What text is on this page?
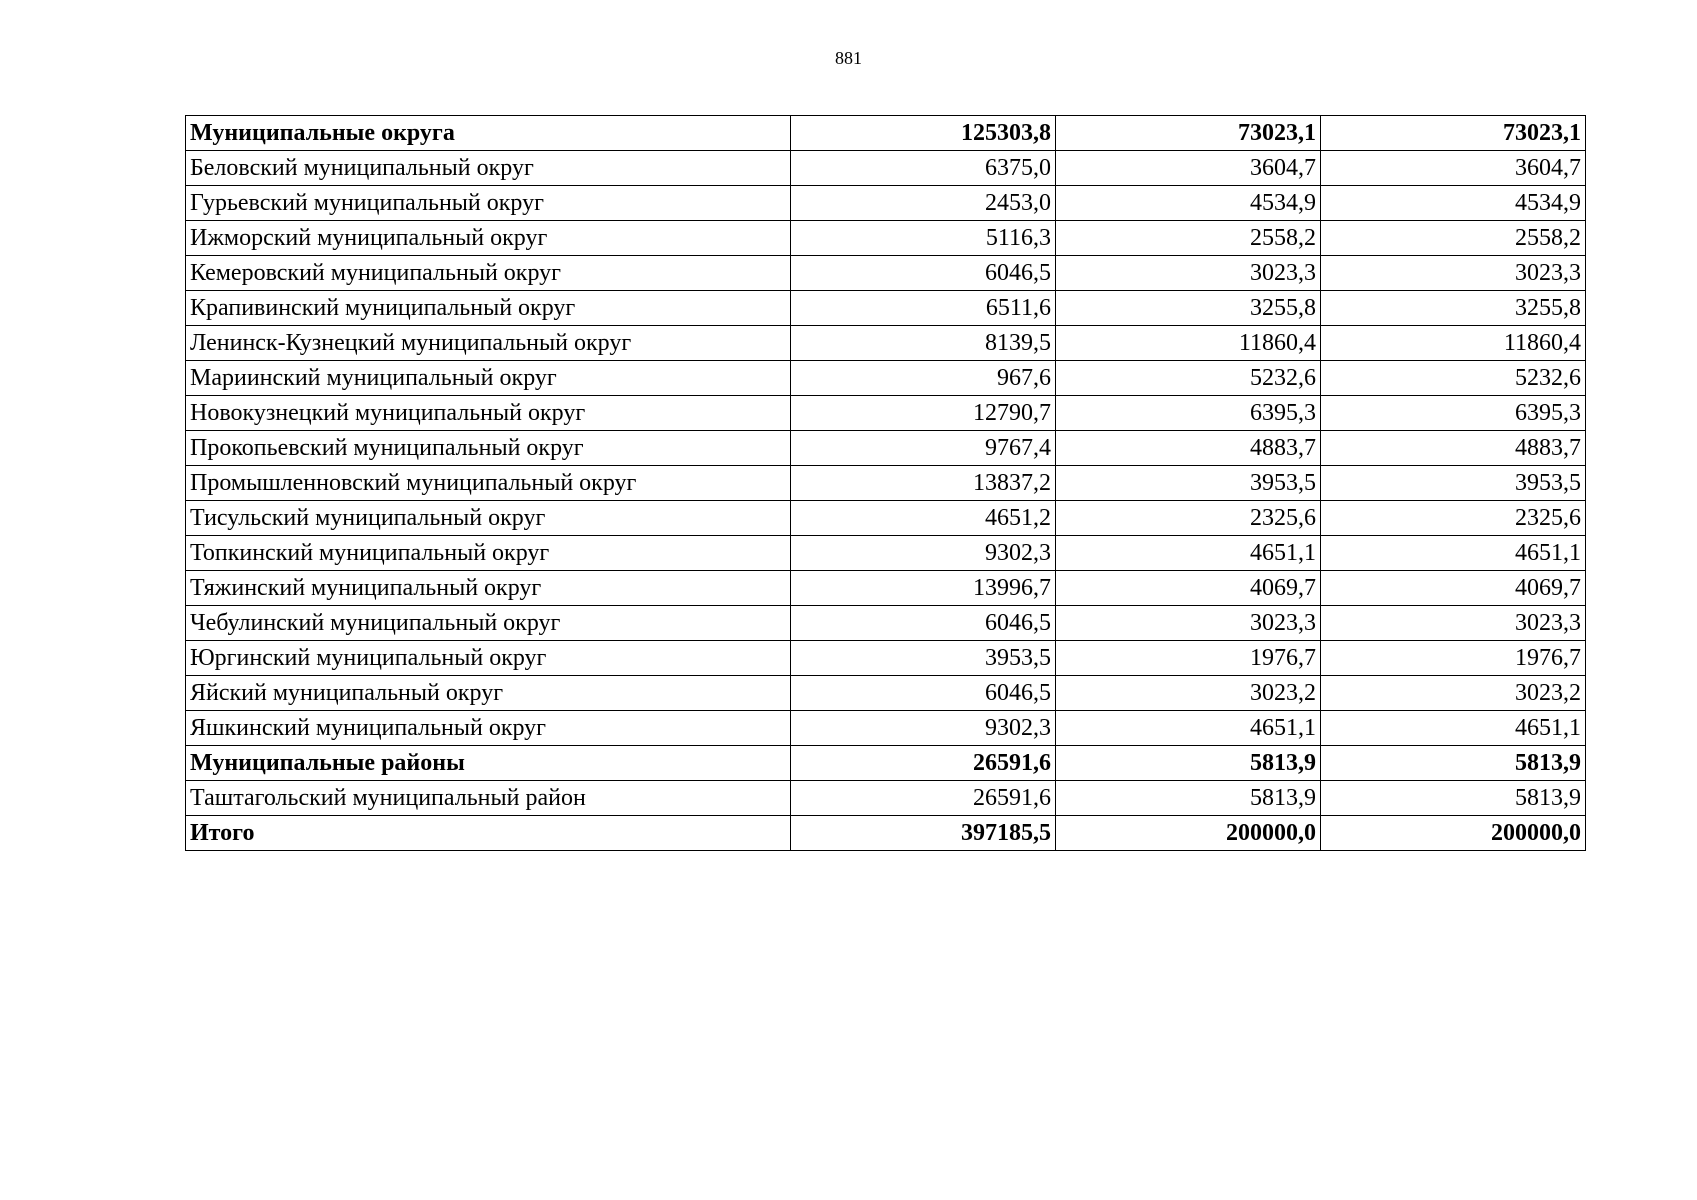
881
Муниципальные округа	125303,8	73023,1	73023,1
Беловский муниципальный округ	6375,0	3604,7	3604,7
Гурьевский муниципальный округ	2453,0	4534,9	4534,9
Ижморский муниципальный округ	5116,3	2558,2	2558,2
Кемеровский муниципальный округ	6046,5	3023,3	3023,3
Крапивинский муниципальный округ	6511,6	3255,8	3255,8
Ленинск-Кузнецкий муниципальный округ	8139,5	11860,4	11860,4
Мариинский муниципальный округ	967,6	5232,6	5232,6
Новокузнецкий муниципальный округ	12790,7	6395,3	6395,3
Прокопьевский муниципальный округ	9767,4	4883,7	4883,7
Промышленновский муниципальный округ	13837,2	3953,5	3953,5
Тисульский муниципальный округ	4651,2	2325,6	2325,6
Топкинский муниципальный округ	9302,3	4651,1	4651,1
Тяжинский муниципальный округ	13996,7	4069,7	4069,7
Чебулинский муниципальный округ	6046,5	3023,3	3023,3
Юргинский муниципальный округ	3953,5	1976,7	1976,7
Яйский муниципальный округ	6046,5	3023,2	3023,2
Яшкинский муниципальный округ	9302,3	4651,1	4651,1
Муниципальные районы	26591,6	5813,9	5813,9
Таштагольский муниципальный район	26591,6	5813,9	5813,9
Итого	397185,5	200000,0	200000,0
